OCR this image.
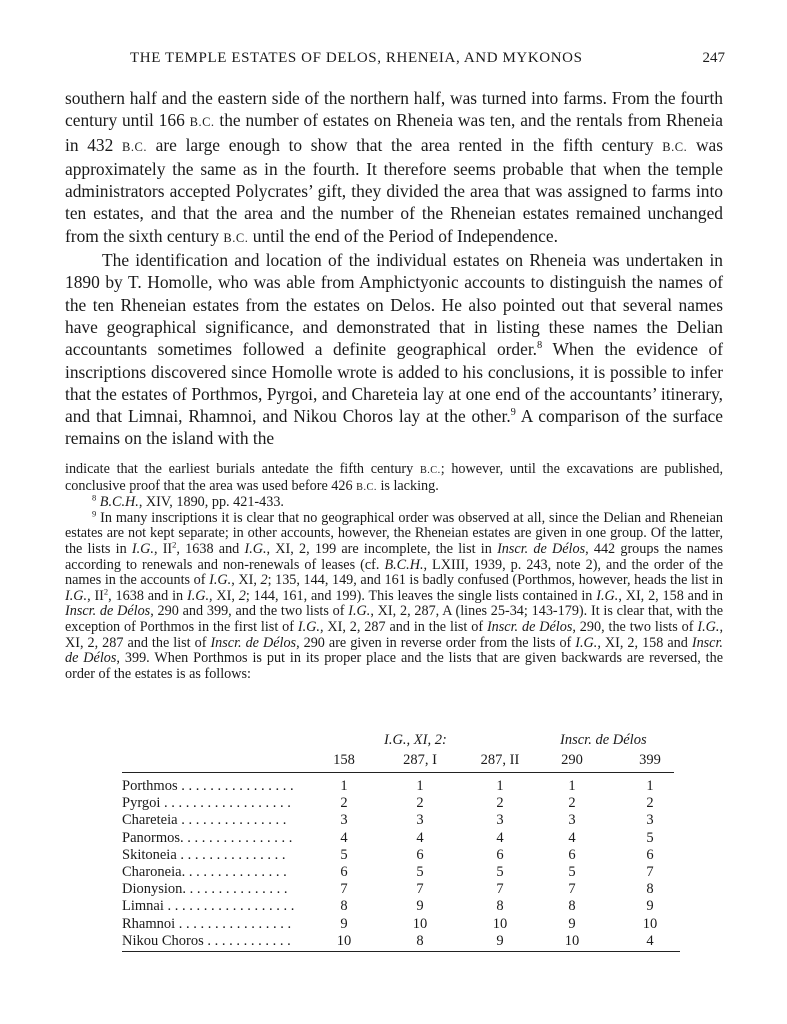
THE TEMPLE ESTATES OF DELOS, RHENEIA, AND MYKONOS	247

southern half and the eastern side of the northern half, was turned into farms. From the fourth century until 166 B.C. the number of estates on Rheneia was ten, and the rentals from Rheneia in 432 B.C. are large enough to show that the area rented in the fifth century B.C. was approximately the same as in the fourth. It therefore seems probable that when the temple administrators accepted Polycrates’ gift, they divided the area that was assigned to farms into ten estates, and that the area and the number of the Rheneian estates remained unchanged from the sixth century B.C. until the end of the Period of Independence.

The identification and location of the individual estates on Rheneia was undertaken in 1890 by T. Homolle, who was able from Amphictyonic accounts to distinguish the names of the ten Rheneian estates from the estates on Delos. He also pointed out that several names have geographical significance, and demonstrated that in listing these names the Delian accountants sometimes followed a definite geographical order.$^8$ When the evidence of inscriptions discovered since Homolle wrote is added to his conclusions, it is possible to infer that the estates of Porthmos, Pyrgoi, and Chareteia lay at one end of the accountants’ itinerary, and that Limnai, Rhamnoi, and Nikou Choros lay at the other.$^9$ A comparison of the surface remains on the island with the

indicate that the earliest burials antedate the fifth century B.C.; however, until the excavations are published, conclusive proof that the area was used before 426 B.C. is lacking.

$^8$ B.C.H., XIV, 1890, pp. 421-433.

$^9$ In many inscriptions it is clear that no geographical order was observed at all, since the Delian and Rheneian estates are not kept separate; in other accounts, however, the Rheneian estates are given in one group. Of the latter, the lists in I.G., $II^2$, 1638 and I.G., XI, 2, 199 are incomplete, the list in Inscr. de Délos, 442 groups the names according to renewals and non-renewals of leases (cf. B.C.H., LXIII, 1939, p. 243, note 2), and the order of the names in the accounts of I.G., XI, 2; 135, 144, 149, and 161 is badly confused (Porthmos, however, heads the list in I.G., $II^2$, 1638 and in I.G., XI, 2; 144, 161, and 199). This leaves the single lists contained in I.G., XI, 2, 158 and in Inscr. de Délos, 290 and 399, and the two lists of I.G., XI, 2, 287, A (lines 25-34; 143-179). It is clear that, with the exception of Porthmos in the first list of I.G., XI, 2, 287 and in the list of Inscr. de Délos, 290, the two lists of I.G., XI, 2, 287 and the list of Inscr. de Délos, 290 are given in reverse order from the lists of I.G., XI, 2, 158 and Inscr. de Délos, 399. When Porthmos is put in its proper place and the lists that are given backwards are reversed, the order of the estates is as follows:

I.G., XI, 2:	Inscr. de Délos
158	287, I	287, II	290	399
Porthmos . . . . . . . . . . . . . . . .	1	1	1	1	1
Pyrgoi . . . . . . . . . . . . . . . . . .	2	2	2	2	2
Chareteia . . . . . . . . . . . . . . .	3	3	3	3	3
Panormos. . . . . . . . . . . . . . . .	4	4	4	4	5
Skitoneia . . . . . . . . . . . . . . .	5	6	6	6	6
Charoneia. . . . . . . . . . . . . . .	6	5	5	5	7
Dionysion. . . . . . . . . . . . . . .	7	7	7	7	8
Limnai . . . . . . . . . . . . . . . . . .	8	9	8	8	9
Rhamnoi . . . . . . . . . . . . . . . .	9	10	10	9	10
Nikou Choros . . . . . . . . . . . .	10	8	9	10	4
